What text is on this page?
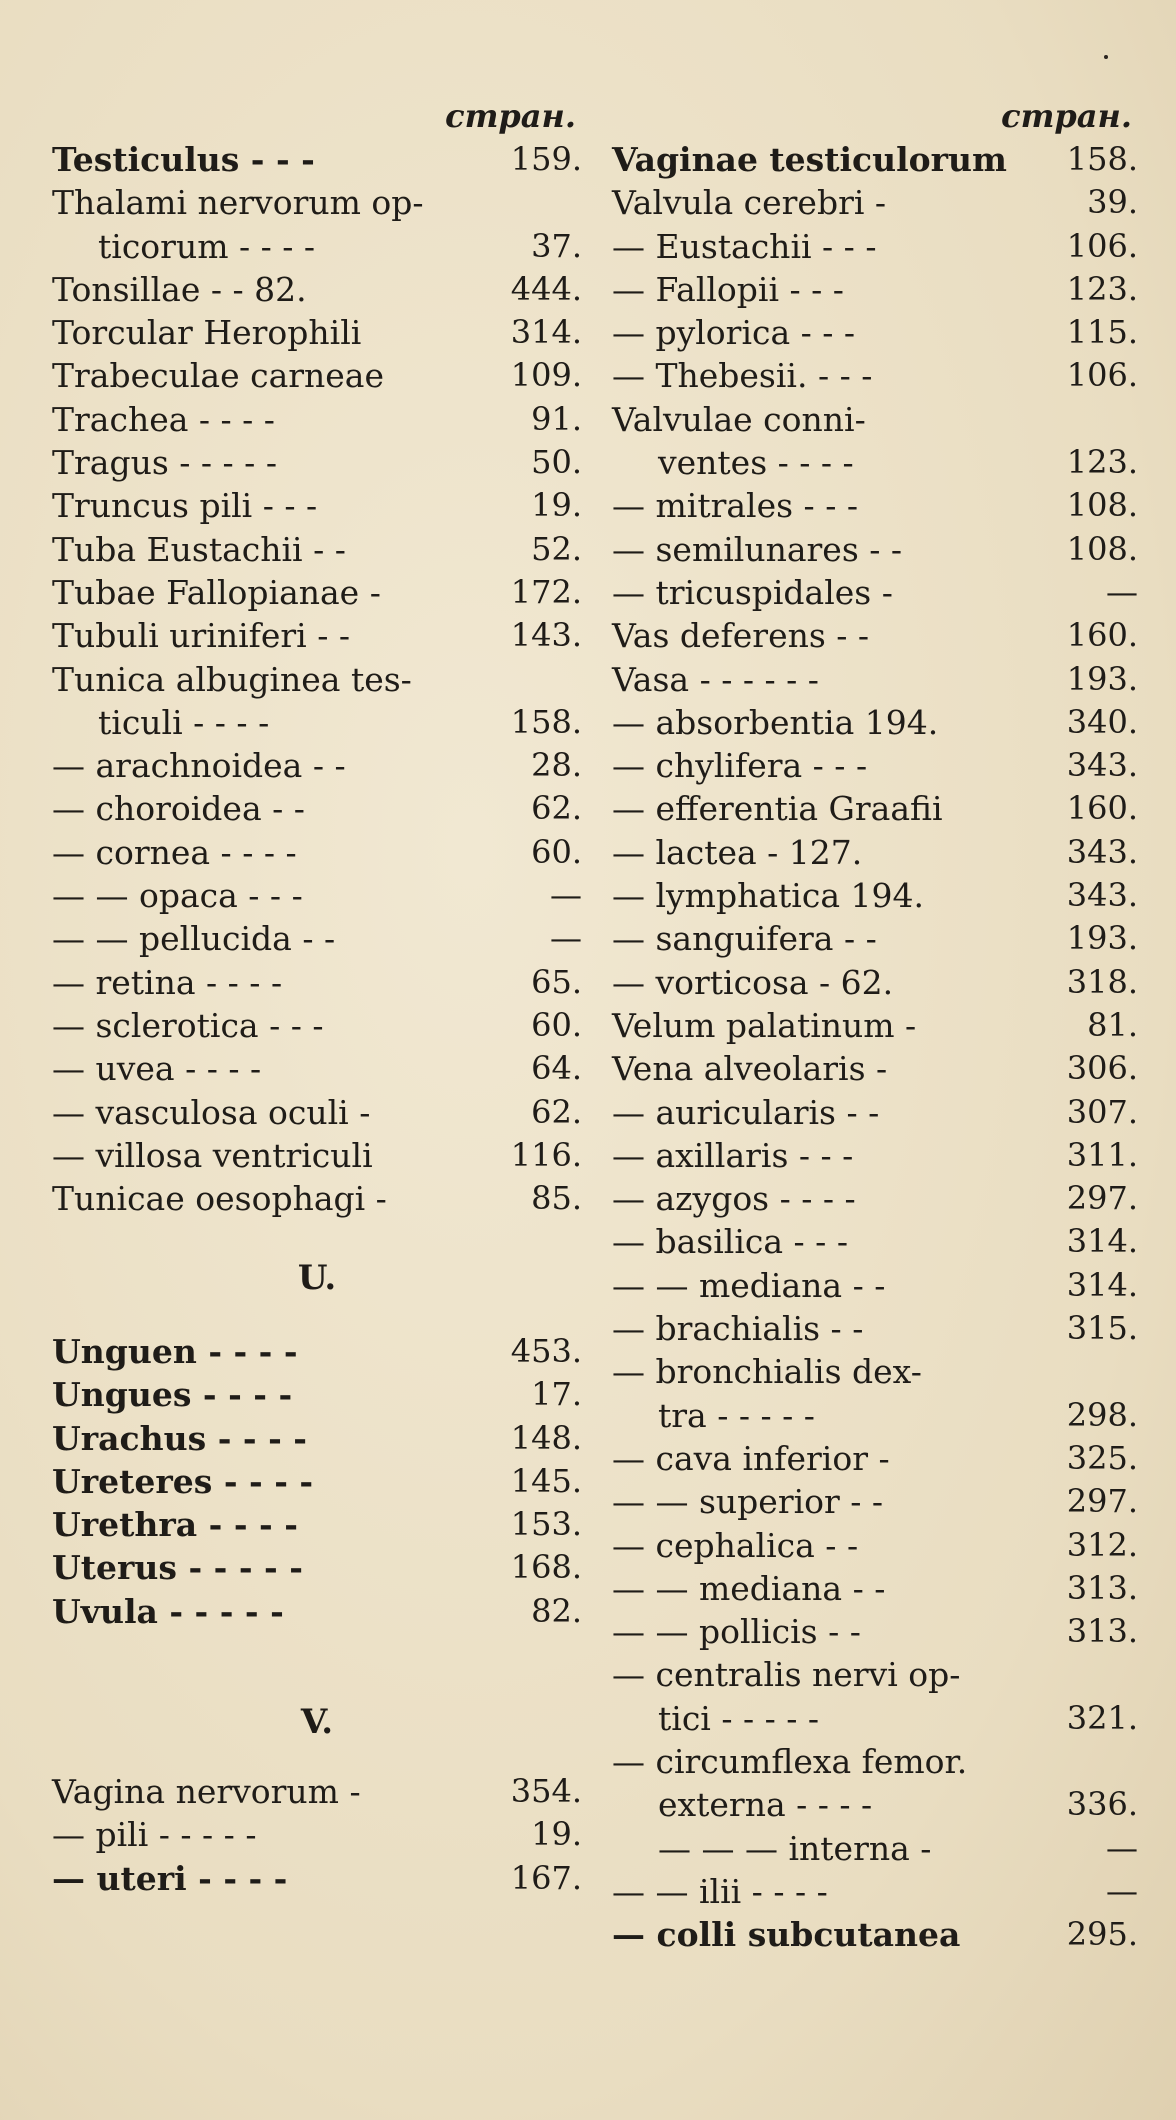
стран.
Testiculus - - -	159.
Thalami nervorum op-
ticorum - - - -	37.
Tonsillae - - 82.	444.
Torcular Herophili	314.
Trabeculae carneae	109.
Trachea - - - -	91.
Tragus - - - - -	50.
Truncus pili - - -	19.
Tuba Eustachii - -	52.
Tubae Fallopianae -	172.
Tubuli uriniferi - -	143.
Tunica albuginea tes-
ticuli - - - -	158.
— arachnoidea - -	28.
— choroidea - -	62.
— cornea - - - -	60.
— — opaca - - -	—
— — pellucida - -	—
— retina - - - -	65.
— sclerotica - - -	60.
— uvea - - - -	64.
— vasculosa oculi -	62.
— villosa ventriculi	116.
Tunicae oesophagi -	85.
U.
Unguen - - - -	453.
Ungues - - - -	17.
Urachus - - - -	148.
Ureteres - - - -	145.
Urethra - - - -	153.
Uterus - - - - -	168.
Uvula - - - - -	82.
V.
Vagina nervorum -	354.
— pili - - - - -	19.
— uteri - - - -	167.
стран.
Vaginae testiculorum 158.
Valvula cerebri -	39.
— Eustachii - - -	106.
— Fallopii - - -	123.
— pylorica - - -	115.
— Thebesii. - - -	106.
Valvulae conni-
ventes - - - -	123.
— mitrales - - -	108.
— semilunares - -	108.
— tricuspidales -	—
Vas deferens - -	160.
Vasa - - - - - -	193.
— absorbentia 194.	340.
— chylifera - - -	343.
— efferentia Graafii	160.
— lactea - 127.	343.
— lymphatica 194.	343.
— sanguifera - -	193.
— vorticosa - 62.	318.
Velum palatinum -	81.
Vena alveolaris -	306.
— auricularis - -	307.
— axillaris - - -	311.
— azygos - - - -	297.
— basilica - - -	314.
— — mediana - -	314.
— brachialis - -	315.
— bronchialis dex-
tra - - - - -	298.
— cava inferior -	325.
— — superior - -	297.
— cephalica - -	312.
— — mediana - -	313.
— — pollicis - -	313.
— centralis nervi op-
tici - - - - -	321.
— circumflexa femor.
externa - - - -	336.
— — — interna -	—
— — ilii - - - -	—
— colli subcutanea	295.
